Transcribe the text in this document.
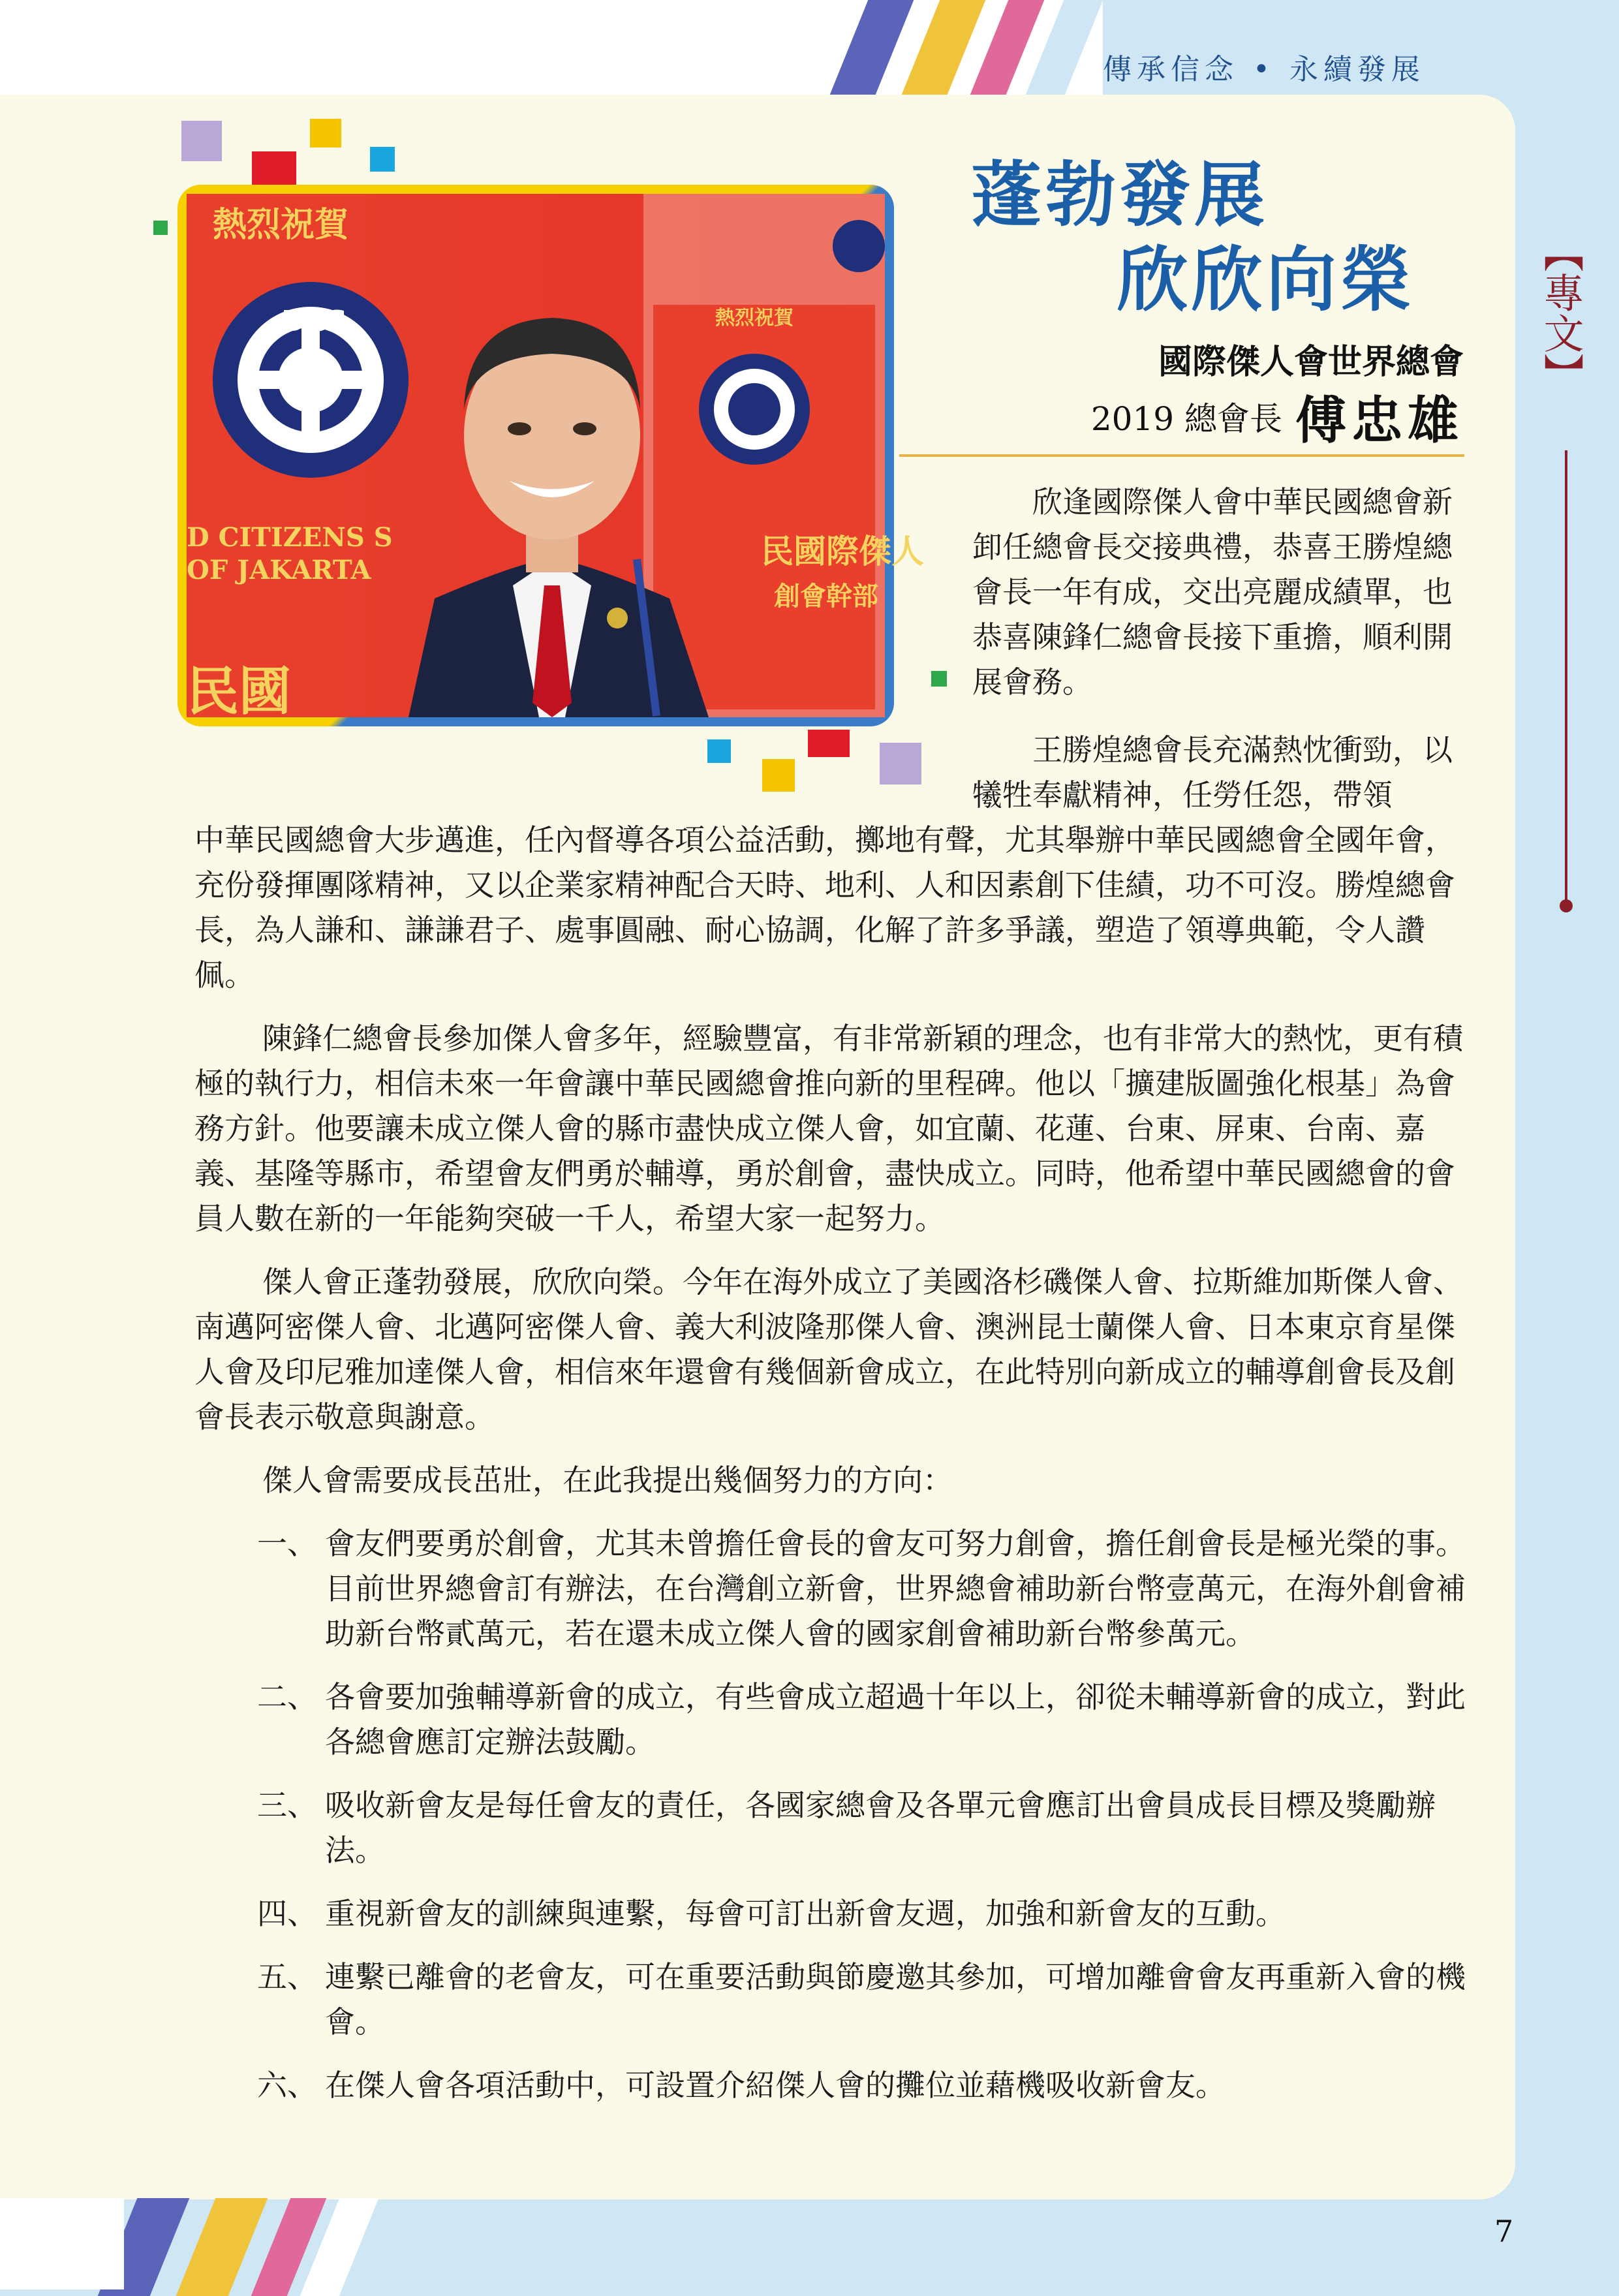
傳承信念 • 永續發展
【專文】
DCS
熱烈祝賀
D CITIZENS S
OF JAKARTA
民國
熱烈祝賀
民國際傑人
創會幹部
蓬勃發展
欣欣向榮
國際傑人會世界總會
2019 總會長 傅忠雄

欣逢國際傑人會中華民國總會新卸任總會長交接典禮，恭喜王勝煌總會長一年有成，交出亮麗成績單，也恭喜陳鋒仁總會長接下重擔，順利開展會務。

王勝煌總會長充滿熱忱衝勁，以犧牲奉獻精神，任勞任怨，帶領

中華民國總會大步邁進，任內督導各項公益活動，擲地有聲，尤其舉辦中華民國總會全國年會，充份發揮團隊精神，又以企業家精神配合天時、地利、人和因素創下佳績，功不可沒。勝煌總會長，為人謙和、謙謙君子、處事圓融、耐心協調，化解了許多爭議，塑造了領導典範，令人讚佩。

陳鋒仁總會長參加傑人會多年，經驗豐富，有非常新穎的理念，也有非常大的熱忱，更有積極的執行力，相信未來一年會讓中華民國總會推向新的里程碑。他以「擴建版圖強化根基」為會務方針。他要讓未成立傑人會的縣市盡快成立傑人會，如宜蘭、花蓮、台東、屏東、台南、嘉義、基隆等縣市，希望會友們勇於輔導，勇於創會，盡快成立。同時，他希望中華民國總會的會員人數在新的一年能夠突破一千人，希望大家一起努力。

傑人會正蓬勃發展，欣欣向榮。今年在海外成立了美國洛杉磯傑人會、拉斯維加斯傑人會、南邁阿密傑人會、北邁阿密傑人會、義大利波隆那傑人會、澳洲昆士蘭傑人會、日本東京育星傑人會及印尼雅加達傑人會，相信來年還會有幾個新會成立，在此特別向新成立的輔導創會長及創會長表示敬意與謝意。

傑人會需要成長茁壯，在此我提出幾個努力的方向：

一、 會友們要勇於創會，尤其未曾擔任會長的會友可努力創會，擔任創會長是極光榮的事。目前世界總會訂有辦法，在台灣創立新會，世界總會補助新台幣壹萬元，在海外創會補助新台幣貳萬元，若在還未成立傑人會的國家創會補助新台幣參萬元。
二、 各會要加強輔導新會的成立，有些會成立超過十年以上，卻從未輔導新會的成立，對此各總會應訂定辦法鼓勵。
三、 吸收新會友是每任會友的責任，各國家總會及各單元會應訂出會員成長目標及獎勵辦法。
四、 重視新會友的訓練與連繫，每會可訂出新會友週，加強和新會友的互動。
五、 連繫已離會的老會友，可在重要活動與節慶邀其參加，可增加離會會友再重新入會的機會。
六、 在傑人會各項活動中，可設置介紹傑人會的攤位並藉機吸收新會友。
7
